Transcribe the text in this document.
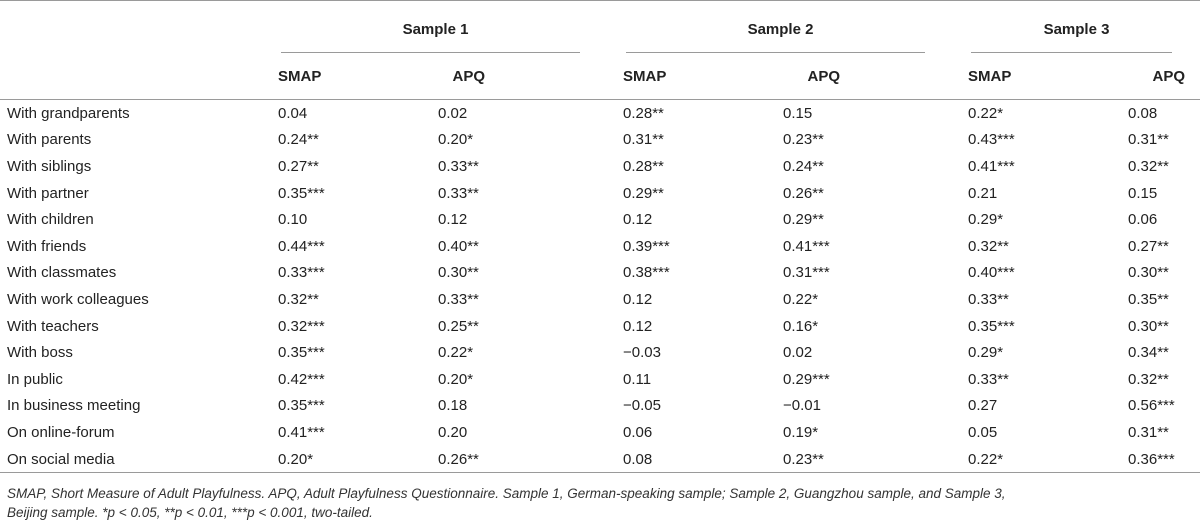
	Sample 1		Sample 2		Sample 3	
	SMAP	APQ	SMAP	APQ	SMAP	APQ
With grandparents	0.04	0.02	0.28**	0.15	0.22*	0.08
With parents	0.24**	0.20*	0.31**	0.23**	0.43***	0.31**
With siblings	0.27**	0.33**	0.28**	0.24**	0.41***	0.32**
With partner	0.35***	0.33**	0.29**	0.26**	0.21	0.15
With children	0.10	0.12	0.12	0.29**	0.29*	0.06
With friends	0.44***	0.40**	0.39***	0.41***	0.32**	0.27**
With classmates	0.33***	0.30**	0.38***	0.31***	0.40***	0.30**
With work colleagues	0.32**	0.33**	0.12	0.22*	0.33**	0.35**
With teachers	0.32***	0.25**	0.12	0.16*	0.35***	0.30**
With boss	0.35***	0.22*	−0.03	0.02	0.29*	0.34**
In public	0.42***	0.20*	0.11	0.29***	0.33**	0.32**
In business meeting	0.35***	0.18	−0.05	−0.01	0.27	0.56***
On online-forum	0.41***	0.20	0.06	0.19*	0.05	0.31**
On social media	0.20*	0.26**	0.08	0.23**	0.22*	0.36***
SMAP, Short Measure of Adult Playfulness. APQ, Adult Playfulness Questionnaire. Sample 1, German-speaking sample; Sample 2, Guangzhou sample, and Sample 3,
Beijing sample. *p < 0.05, **p < 0.01, ***p < 0.001, two-tailed.
